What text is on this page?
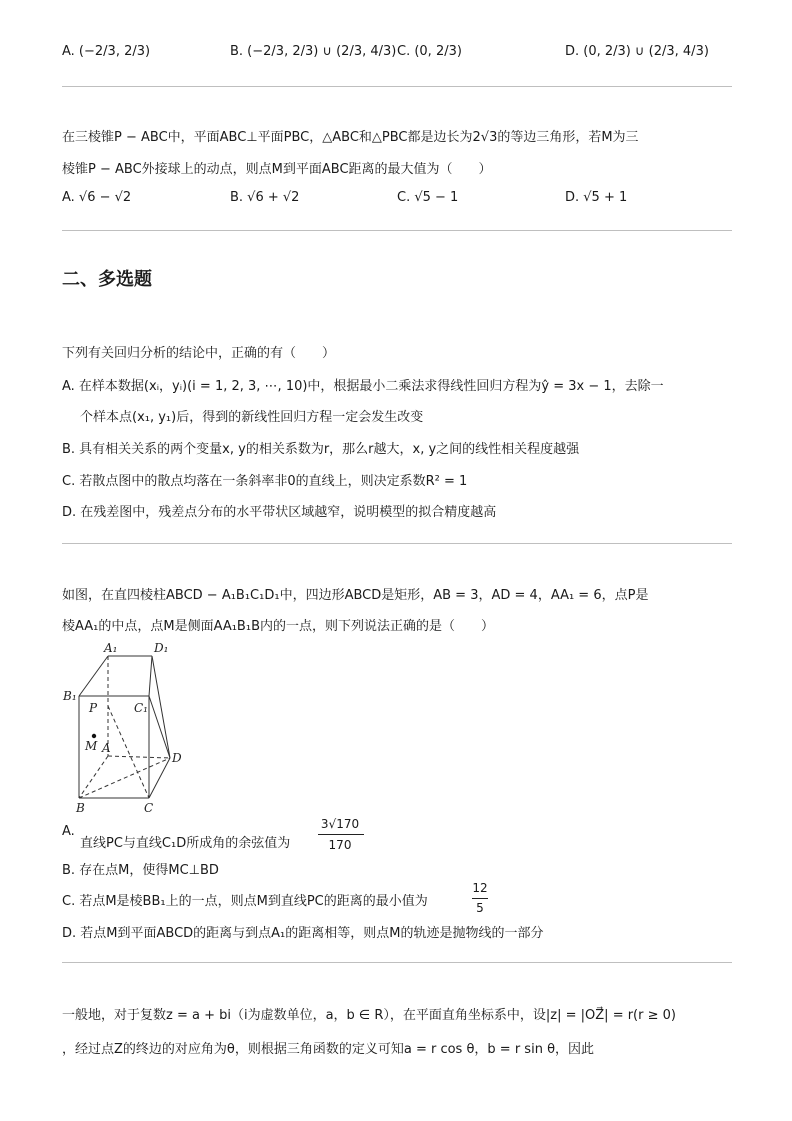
A. (−2/3, 2/3)	B. (−2/3, 2/3) ∪ (2/3, 4/3) C. (0, 2/3)	D. (0, 2/3) ∪ (2/3, 4/3)
在三棱锥P − ABC中，平面ABC⊥平面PBC，△ABC和△PBC都是边长为2√3的等边三角形，若M为三
棱锥P − ABC外接球上的动点，则点M到平面ABC距离的最大值为（　　）
A. √6 − √2	B. √6 + √2	C. √5 − 1	D. √5 + 1
二、多选题
下列有关回归分析的结论中，正确的有（　　）
A. 在样本数据(xᵢ，yᵢ)(i = 1, 2, 3, ⋯, 10)中，根据最小二乘法求得线性回归方程为ŷ = 3x − 1，去除一
个样本点(x₁, y₁)后，得到的新线性回归方程一定会发生改变
B. 具有相关关系的两个变量x, y的相关系数为r，那么r越大，x, y之间的线性相关程度越强
C. 若散点图中的散点均落在一条斜率非0的直线上，则决定系数R² = 1
D. 在残差图中，残差点分布的水平带状区域越窄，说明模型的拟合精度越高
如图，在直四棱柱ABCD − A₁B₁C₁D₁中，四边形ABCD是矩形，AB = 3，AD = 4，AA₁ = 6，点P是
棱AA₁的中点，点M是侧面AA₁B₁B内的一点，则下列说法正确的是（　　）
A₁	D₁
B₁
C₁
P
M A
D
B	C
A.
直线PC与直线C₁D所成角的余弦值为
3√170
170
B. 存在点M，使得MC⊥BD
C. 若点M是棱BB₁上的一点，则点M到直线PC的距离的最小值为
12
5
D. 若点M到平面ABCD的距离与到点A₁的距离相等，则点M的轨迹是抛物线的一部分
一般地，对于复数z = a + bi（i为虚数单位，a，b ∈ R），在平面直角坐标系中，设|z| = |OZ⃗| = r(r ≥ 0)
，经过点Z的终边的对应角为θ，则根据三角函数的定义可知a = r cos θ，b = r sin θ，因此
